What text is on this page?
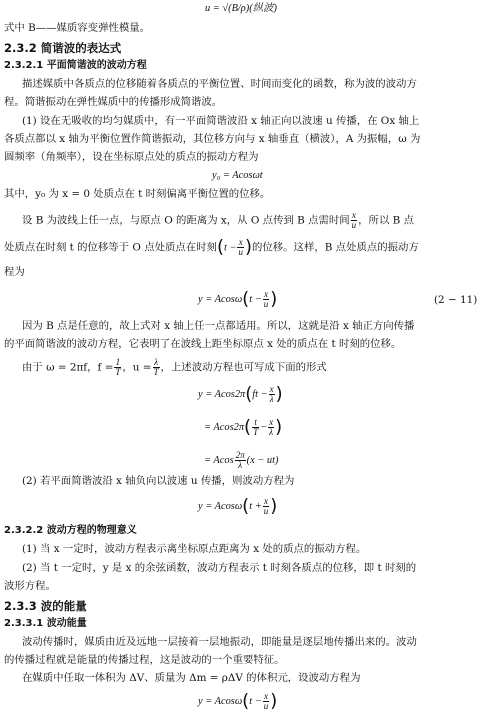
u = √(B/ρ)(纵波)
式中 B——媒质容变弹性模量。
2.3.2 简谐波的表达式
2.3.2.1 平面简谐波的波动方程
描述媒质中各质点的位移随着各质点的平衡位置、时间而变化的函数，称为波的波动方
程。简谐振动在弹性媒质中的传播形成简谐波。
(1) 设在无吸收的均匀媒质中，有一平面简谐波沿 x 轴正向以波速 u 传播，在 Ox 轴上
各质点都以 x 轴为平衡位置作简谐振动，其位移方向与 x 轴垂直（横波），A 为振幅，ω 为
圆频率（角频率），设在坐标原点处的质点的振动方程为
y₀ = Acosωt
其中，y₀ 为 x = 0 处质点在 t 时刻偏离平衡位置的位移。
设 B 为波线上任一点，与原点 O 的距离为 x，从 O 点传到 B 点需时间 $\frac{x}{u}$ ，所以 B 点
处质点在时刻 t 的位移等于 O 点处质点在时刻($t - \frac{x}{u}$ )的位移。这样，B 点处质点的振动方
程为
$y = Acos\omega(t - \frac{x}{u}$ )	(2 − 11)
因为 B 点是任意的，故上式对 x 轴上任一点都适用。所以，这就是沿 x 轴正方向传播
的平面简谐波的波动方程，它表明了在波线上距坐标原点 x 处的质点在 t 时刻的位移。
由于 ω = 2πf，$f = \frac{1}{T}$ ，$u = \frac{\lambda}{T}$ ，上述波动方程也可写成下面的形式
$y = Acos2\pi(ft - \frac{x}{\lambda}$ )
= $Acos2\pi( \frac{t}{T} - \frac{x}{\lambda}$ )
= Acos $\frac{2\pi}{\lambda} (x - ut)$
(2) 若平面简谐波沿 x 轴负向以波速 u 传播，则波动方程为
$y = Acos\omega(t + \frac{x}{u}$ )
2.3.2.2 波动方程的物理意义
(1) 当 x 一定时，波动方程表示离坐标原点距离为 x 处的质点的振动方程。
(2) 当 t 一定时，y 是 x 的余弦函数，波动方程表示 t 时刻各质点的位移，即 t 时刻的
波形方程。
2.3.3 波的能量
2.3.3.1 波动能量
波动传播时，媒质由近及远地一层接着一层地振动，即能量是逐层地传播出来的。波动
的传播过程就是能量的传播过程，这是波动的一个重要特征。
在媒质中任取一体积为 ΔV、质量为 Δm = ρΔV 的体积元，设波动方程为
$y = Acos\omega(t - \frac{x}{u}$ )
